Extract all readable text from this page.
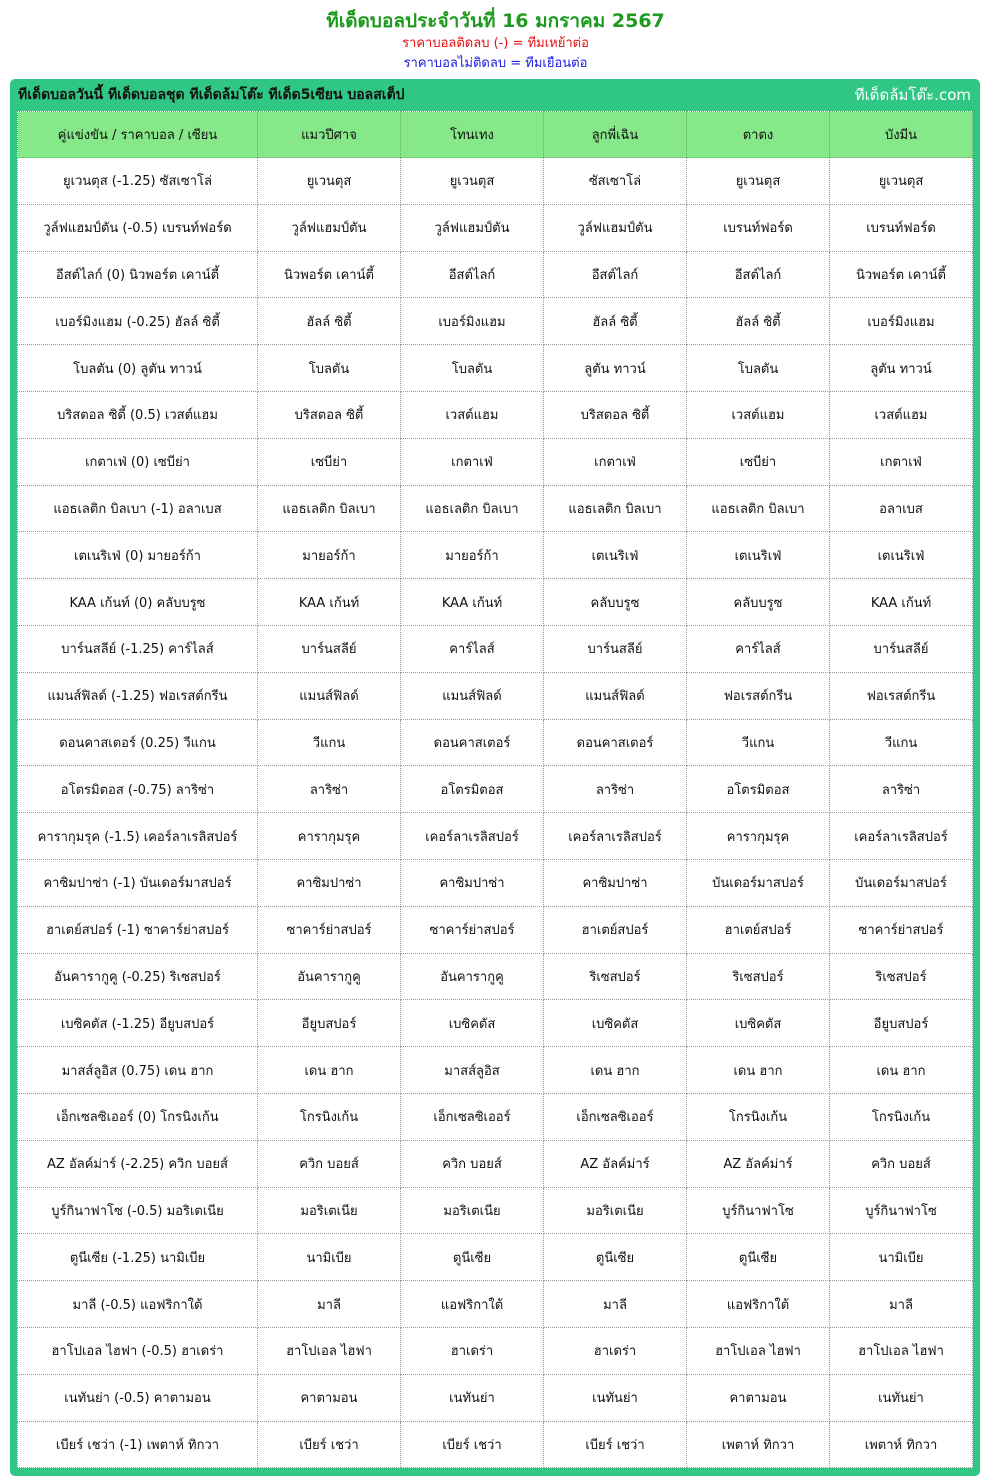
ทีเด็ดบอลประจำวันที่ 16 มกราคม 2567
ราคาบอลติดลบ (-) = ทีมเหย้าต่อ
ราคาบอลไม่ติดลบ = ทีมเยือนต่อ
ทีเด็ดบอลวันนี้ ทีเด็ดบอลชุด ทีเด็ดล้มโต๊ะ ทีเด็ด5เซียน บอลสเต็ป	ทีเด็ดล้มโต๊ะ.com
คู่แข่งขัน / ราคาบอล / เซียน	แมวปีศาจ	โทนเทง	ลูกพี่เฉิน	ตาตง	บังมีน
ยูเวนตุส (-1.25) ซัสเซาโล่	ยูเวนตุส	ยูเวนตุส	ซัสเซาโล่	ยูเวนตุส	ยูเวนตุส
วูล์ฟแฮมป์ตัน (-0.5) เบรนท์ฟอร์ด	วูล์ฟแฮมป์ตัน	วูล์ฟแฮมป์ตัน	วูล์ฟแฮมป์ตัน	เบรนท์ฟอร์ด	เบรนท์ฟอร์ด
อีสต์ไลก์ (0) นิวพอร์ต เคาน์ตี้	นิวพอร์ต เคาน์ตี้	อีสต์ไลก์	อีสต์ไลก์	อีสต์ไลก์	นิวพอร์ต เคาน์ตี้
เบอร์มิงแฮม (-0.25) ฮัลล์ ซิตี้	ฮัลล์ ซิตี้	เบอร์มิงแฮม	ฮัลล์ ซิตี้	ฮัลล์ ซิตี้	เบอร์มิงแฮม
โบลตัน (0) ลูตัน ทาวน์	โบลตัน	โบลตัน	ลูตัน ทาวน์	โบลตัน	ลูตัน ทาวน์
บริสตอล ซิตี้ (0.5) เวสต์แฮม	บริสตอล ซิตี้	เวสต์แฮม	บริสตอล ซิตี้	เวสต์แฮม	เวสต์แฮม
เกตาเฟ่ (0) เซบีย่า	เซบีย่า	เกตาเฟ่	เกตาเฟ่	เซบีย่า	เกตาเฟ่
แอธเลติก บิลเบา (-1) อลาเบส	แอธเลติก บิลเบา	แอธเลติก บิลเบา	แอธเลติก บิลเบา	แอธเลติก บิลเบา	อลาเบส
เตเนริเฟ่ (0) มายอร์ก้า	มายอร์ก้า	มายอร์ก้า	เตเนริเฟ่	เตเนริเฟ่	เตเนริเฟ่
KAA เก้นท์ (0) คลับบรูซ	KAA เก้นท์	KAA เก้นท์	คลับบรูซ	คลับบรูซ	KAA เก้นท์
บาร์นสลีย์ (-1.25) คาร์ไลส์	บาร์นสลีย์	คาร์ไลส์	บาร์นสลีย์	คาร์ไลส์	บาร์นสลีย์
แมนส์ฟิลด์ (-1.25) ฟอเรสต์กรีน	แมนส์ฟิลด์	แมนส์ฟิลด์	แมนส์ฟิลด์	ฟอเรสต์กรีน	ฟอเรสต์กรีน
ดอนคาสเตอร์ (0.25) วีแกน	วีแกน	ดอนคาสเตอร์	ดอนคาสเตอร์	วีแกน	วีแกน
อโตรมิตอส (-0.75) ลาริซ่า	ลาริซ่า	อโตรมิตอส	ลาริซ่า	อโตรมิตอส	ลาริซ่า
คารากุมรุค (-1.5) เคอร์ลาเรลิสปอร์	คารากุมรุค	เคอร์ลาเรลิสปอร์	เคอร์ลาเรลิสปอร์	คารากุมรุค	เคอร์ลาเรลิสปอร์
คาซิมปาซ่า (-1) บันเดอร์มาสปอร์	คาซิมปาซ่า	คาซิมปาซ่า	คาซิมปาซ่า	บันเดอร์มาสปอร์	บันเดอร์มาสปอร์
ฮาเตย์สปอร์ (-1) ซาคาร์ย่าสปอร์	ซาคาร์ย่าสปอร์	ซาคาร์ย่าสปอร์	ฮาเตย์สปอร์	ฮาเตย์สปอร์	ซาคาร์ย่าสปอร์
อันคารากูคู (-0.25) ริเซสปอร์	อันคารากูคู	อันคารากูคู	ริเซสปอร์	ริเซสปอร์	ริเซสปอร์
เบซิคตัส (-1.25) อียูบสปอร์	อียูบสปอร์	เบซิคตัส	เบซิคตัส	เบซิคตัส	อียูบสปอร์
มาสส์ลูอิส (0.75) เดน ฮาก	เดน ฮาก	มาสส์ลูอิส	เดน ฮาก	เดน ฮาก	เดน ฮาก
เอ็กเซลซิเออร์ (0) โกรนิงเก้น	โกรนิงเก้น	เอ็กเซลซิเออร์	เอ็กเซลซิเออร์	โกรนิงเก้น	โกรนิงเก้น
AZ อัลค์ม่าร์ (-2.25) ควิก บอยส์	ควิก บอยส์	ควิก บอยส์	AZ อัลค์ม่าร์	AZ อัลค์ม่าร์	ควิก บอยส์
บูร์กินาฟาโซ (-0.5) มอริเตเนีย	มอริเตเนีย	มอริเตเนีย	มอริเตเนีย	บูร์กินาฟาโซ	บูร์กินาฟาโซ
ตูนีเซีย (-1.25) นามิเบีย	นามิเบีย	ตูนีเซีย	ตูนีเซีย	ตูนีเซีย	นามิเบีย
มาลี (-0.5) แอฟริกาใต้	มาลี	แอฟริกาใต้	มาลี	แอฟริกาใต้	มาลี
ฮาโปเอล ไฮฟา (-0.5) ฮาเดร่า	ฮาโปเอล ไฮฟา	ฮาเดร่า	ฮาเดร่า	ฮาโปเอล ไฮฟา	ฮาโปเอล ไฮฟา
เนทันย่า (-0.5) คาตามอน	คาตามอน	เนทันย่า	เนทันย่า	คาตามอน	เนทันย่า
เบียร์ เชว่า (-1) เพตาห์ ทิกวา	เบียร์ เชว่า	เบียร์ เชว่า	เบียร์ เชว่า	เพตาห์ ทิกวา	เพตาห์ ทิกวา
